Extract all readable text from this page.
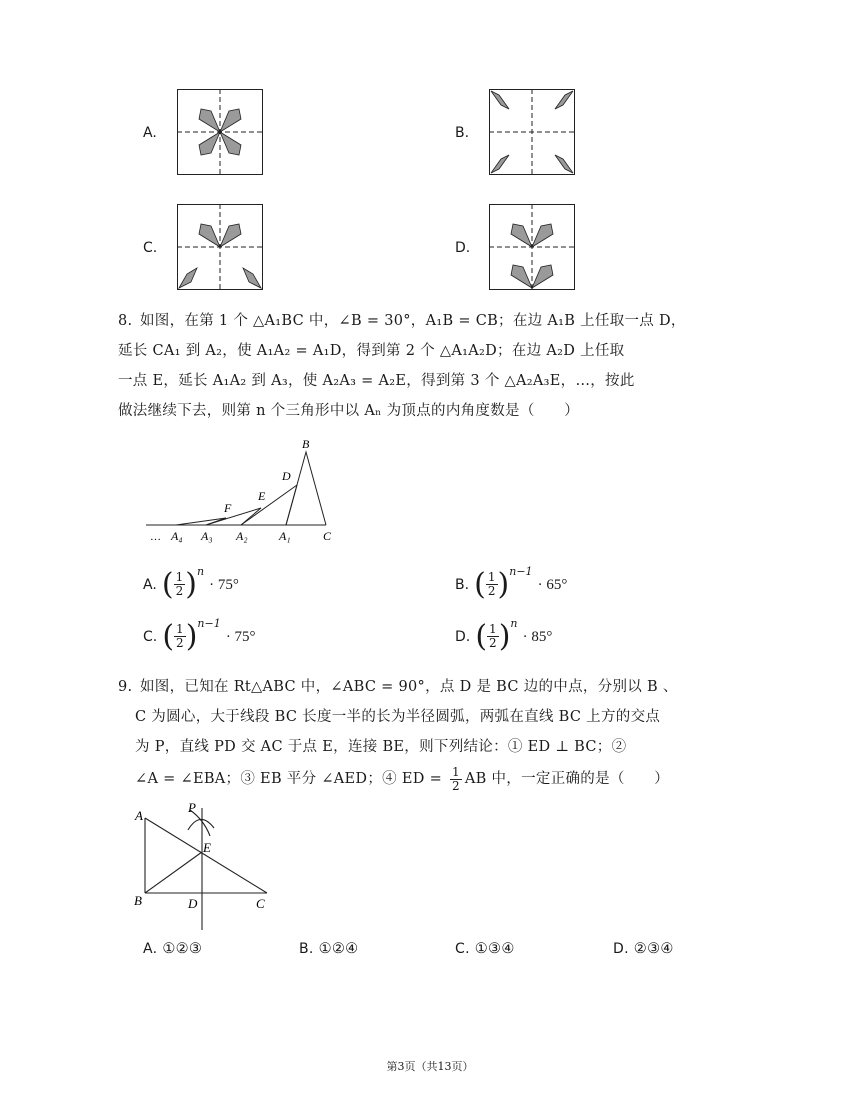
A.	B.
C.	D.
8. 如图，在第 1 个 △A₁BC 中，∠B = 30°，A₁B = CB；在边 A₁B 上任取一点 D，
延长 CA₁ 到 A₂，使 A₁A₂ = A₁D，得到第 2 个 △A₁A₂D；在边 A₂D 上任取
一点 E，延长 A₁A₂ 到 A₃，使 A₂A₃ = A₂E，得到第 3 个 △A₂A₃E，…，按此
做法继续下去，则第 n 个三角形中以 Aₙ 为顶点的内角度数是（　　）
B
D
E
F
… A₄ A₃ A₂	A₁	C
A. ( $\frac{1}{2} )^n \cdot 75^\circ$	B. ( $\frac{1}{2} )^{n-1} \cdot 65^\circ$
C. ( $\frac{1}{2} )^{n-1} \cdot 75^\circ$	D. ( $\frac{1}{2} )^n \cdot 85^\circ$
9. 如图，已知在 Rt△ABC 中，∠ABC = 90°，点 D 是 BC 边的中点，分别以 B 、
C 为圆心，大于线段 BC 长度一半的长为半径圆弧，两弧在直线 BC 上方的交点
为 P，直线 PD 交 AC 于点 E，连接 BE，则下列结论：① ED ⊥ BC；②
∠A = ∠EBA；③ EB 平分 ∠AED；④ ED = $\frac{1}{2}$ AB 中，一定正确的是（　　）
A
P
E
B	D	C
A. ①②③	B. ①②④	C. ①③④	D. ②③④
第3页（共13页）
